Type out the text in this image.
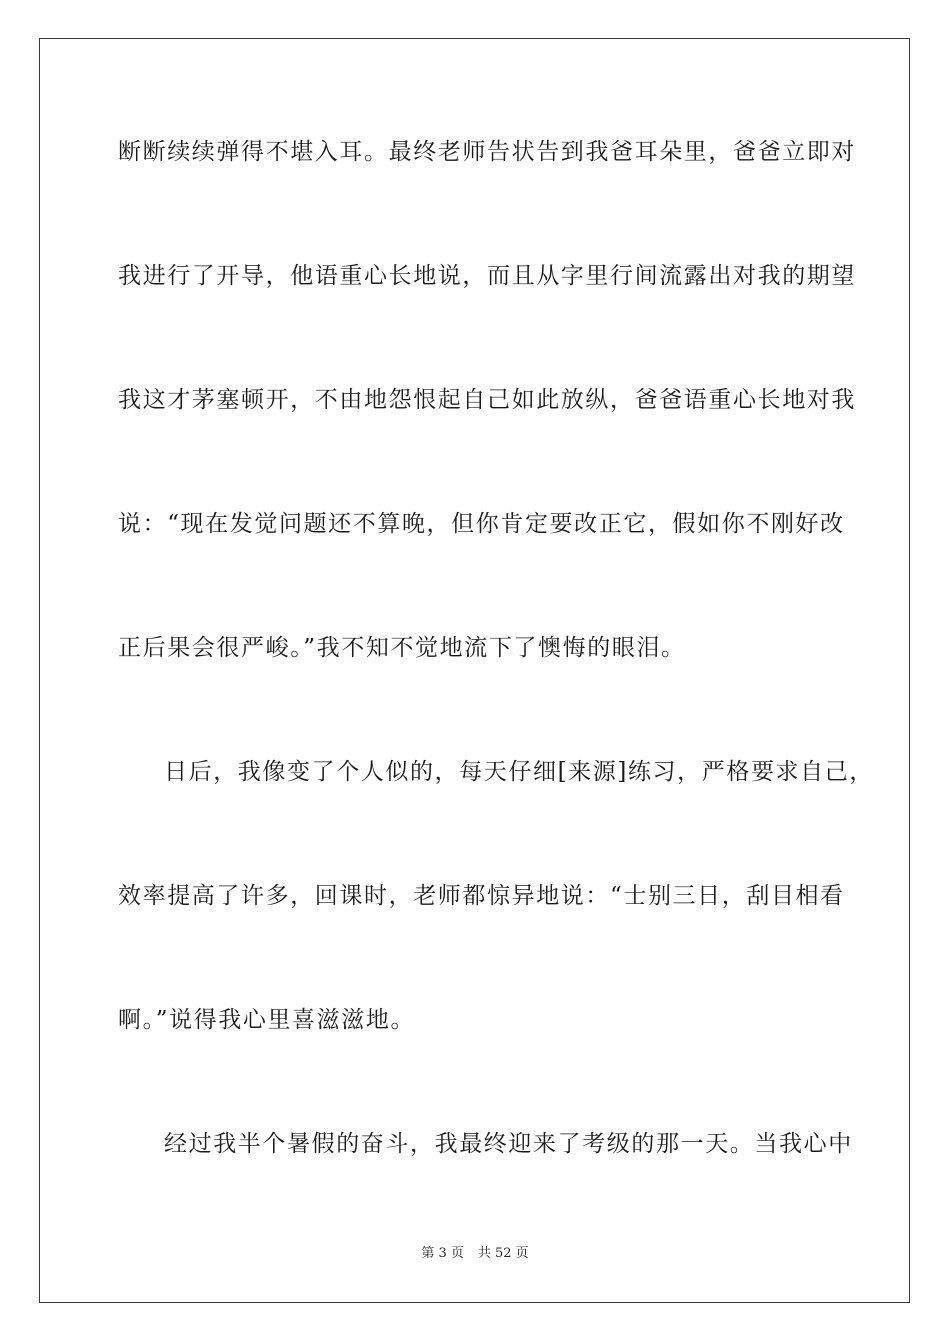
断断续续弹得不堪入耳。最终老师告状告到我爸耳朵里，爸爸立即对
我进行了开导，他语重心长地说，而且从字里行间流露出对我的期望
我这才茅塞顿开，不由地怨恨起自己如此放纵，爸爸语重心长地对我
说：“现在发觉问题还不算晚，但你肯定要改正它，假如你不刚好改
正后果会很严峻。”我不知不觉地流下了懊悔的眼泪。
日后，我像变了个人似的，每天仔细[来源]练习，严格要求自己，
效率提高了许多，回课时，老师都惊异地说：“士别三日，刮目相看
啊。”说得我心里喜滋滋地。
经过我半个暑假的奋斗，我最终迎来了考级的那一天。当我心中
第 3 页 共 52 页
